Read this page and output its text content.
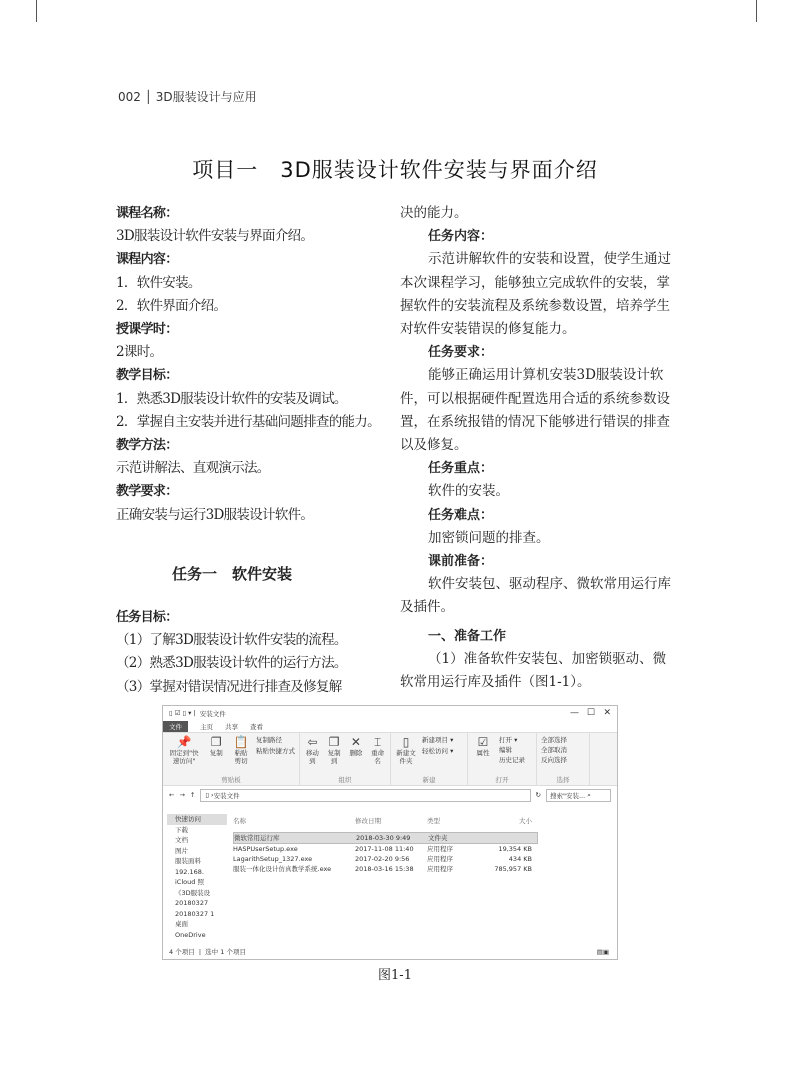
002 │ 3D服装设计与应用
项目一　3D服装设计软件安装与界面介绍
课程名称：
3D服装设计软件安装与界面介绍。
课程内容：
1．软件安装。
2．软件界面介绍。
授课学时：
2课时。
教学目标：
1．熟悉3D服装设计软件的安装及调试。
2．掌握自主安装并进行基础问题排查的能力。
教学方法：
示范讲解法、直观演示法。
教学要求：
正确安装与运行3D服装设计软件。
任务一　软件安装
任务目标：
（1）了解3D服装设计软件安装的流程。
（2）熟悉3D服装设计软件的运行方法。
（3）掌握对错误情况进行排查及修复解
决的能力。
任务内容：
示范讲解软件的安装和设置，使学生通过
本次课程学习，能够独立完成软件的安装，掌
握软件的安装流程及系统参数设置，培养学生
对软件安装错误的修复能力。
任务要求：
能够正确运用计算机安装3D服装设计软
件，可以根据硬件配置选用合适的系统参数设
置，在系统报错的情况下能够进行错误的排查
以及修复。
任务重点：
软件的安装。
任务难点：
加密锁问题的排查。
课前准备：
软件安装包、驱动程序、微软常用运行库
及插件。
一、准备工作
（1）准备软件安装包、加密锁驱动、微
软常用运行库及插件（图1-1）。
▯ ☑ ▯ ▾ | 安装文件	— ☐ ✕
文件	主页 共享 查看
📌
固定到"快速访问"
❐
复制
📋
粘贴
剪切
复制路径
粘贴快捷方式
剪贴板
⇦
移动到
❐
复制到
✕
删除
⌶
重命名
组织
▯
新建文件夹
新建项目 ▾
轻松访问 ▾
新建
☑
属性
打开 ▾
编辑
历史记录
打开
全部选择
全部取消
反向选择
选择
← → ↑	▯ › 安装文件	↻ 搜索"安装...
⌕
快速访问
下载
文档
图片
服装面料
192.168.
iCloud 照
《3D服装设
20180327
20180327 1
桌面
OneDrive
名称	修改日期	类型	大小
微软常用运行库	2018-03-30 9:49	文件夹
HASPUserSetup.exe	2017-11-08 11:40	应用程序	19,354 KB
LagarithSetup_1327.exe	2017-02-20 9:56	应用程序	434 KB
服装一体化设计仿真教学系统.exe	2018-03-16 15:38	应用程序	785,957 KB
4 个项目  |  选中 1 个项目	▤▣
图1-1
